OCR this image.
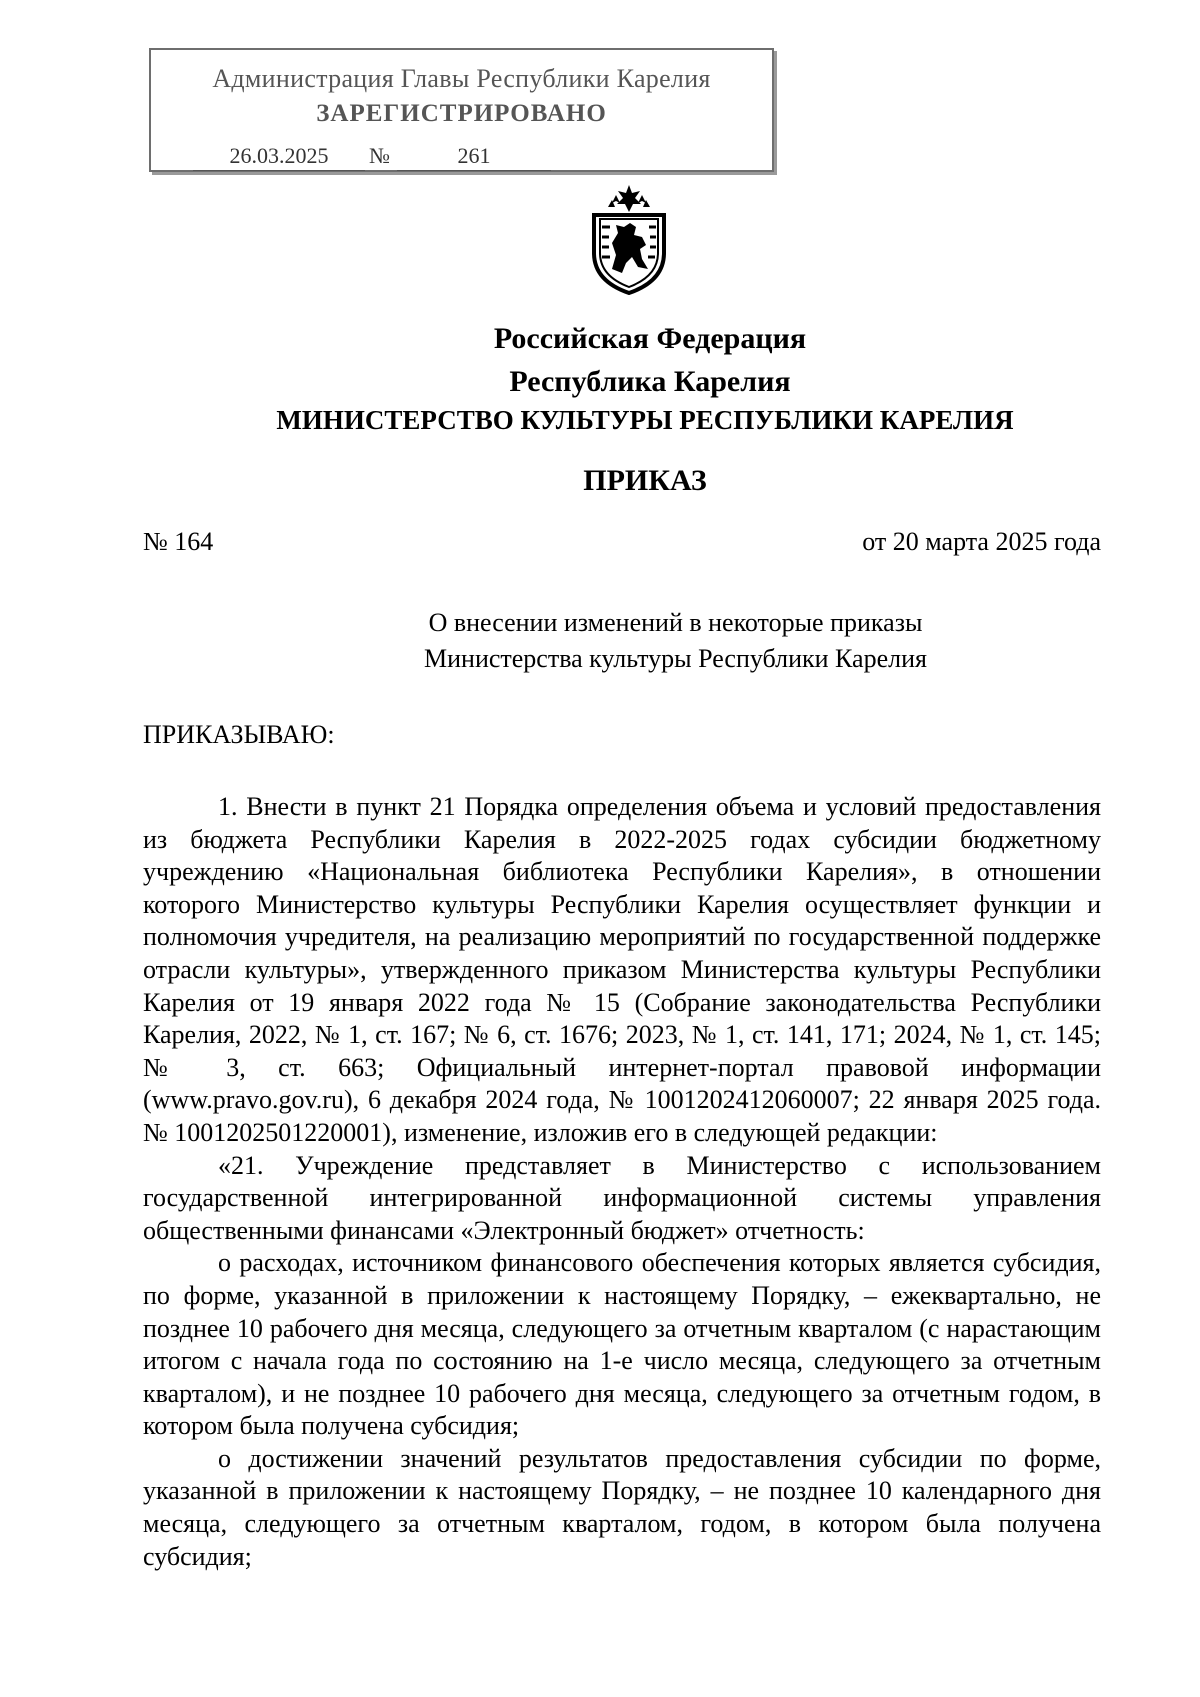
Администрация Главы Республики Карелия
ЗАРЕГИСТРИРОВАНО
26.03.2025	№	261
Российская Федерация
Республика Карелия
МИНИСТЕРСТВО КУЛЬТУРЫ РЕСПУБЛИКИ КАРЕЛИЯ
ПРИКАЗ
№ 164	от 20 марта 2025 года
О внесении изменений в некоторые приказы
Министерства культуры Республики Карелия
ПРИКАЗЫВАЮ:

1. Внести в пункт 21 Порядка определения объема и условий предоставления из бюджета Республики Карелия в 2022-2025 годах субсидии бюджетному учреждению «Национальная библиотека Республики Карелия», в отношении которого Министерство культуры Республики Карелия осуществляет функции и полномочия учредителя, на реализацию мероприятий по государственной поддержке отрасли культуры», утвержденного приказом Министерства культуры Республики Карелия от 19 января 2022 года № 15 (Собрание законодательства Республики Карелия, 2022, № 1, ст. 167; № 6, ст. 1676; 2023, № 1, ст. 141, 171; 2024, № 1, ст. 145; № 3, ст. 663; Официальный интернет-портал правовой информации (www.pravo.gov.ru), 6 декабря 2024 года, № 1001202412060007; 22 января 2025 года. № 1001202501220001), изменение, изложив его в следующей редакции:

«21. Учреждение представляет в Министерство с использованием государственной интегрированной информационной системы управления общественными финансами «Электронный бюджет» отчетность:

о расходах, источником финансового обеспечения которых является субсидия, по форме, указанной в приложении к настоящему Порядку, – ежеквартально, не позднее 10 рабочего дня месяца, следующего за отчетным кварталом (с нарастающим итогом с начала года по состоянию на 1-е число месяца, следующего за отчетным кварталом), и не позднее 10 рабочего дня месяца, следующего за отчетным годом, в котором была получена субсидия;

о достижении значений результатов предоставления субсидии по форме, указанной в приложении к настоящему Порядку, – не позднее 10 календарного дня месяца, следующего за отчетным кварталом, годом, в котором была получена субсидия;
